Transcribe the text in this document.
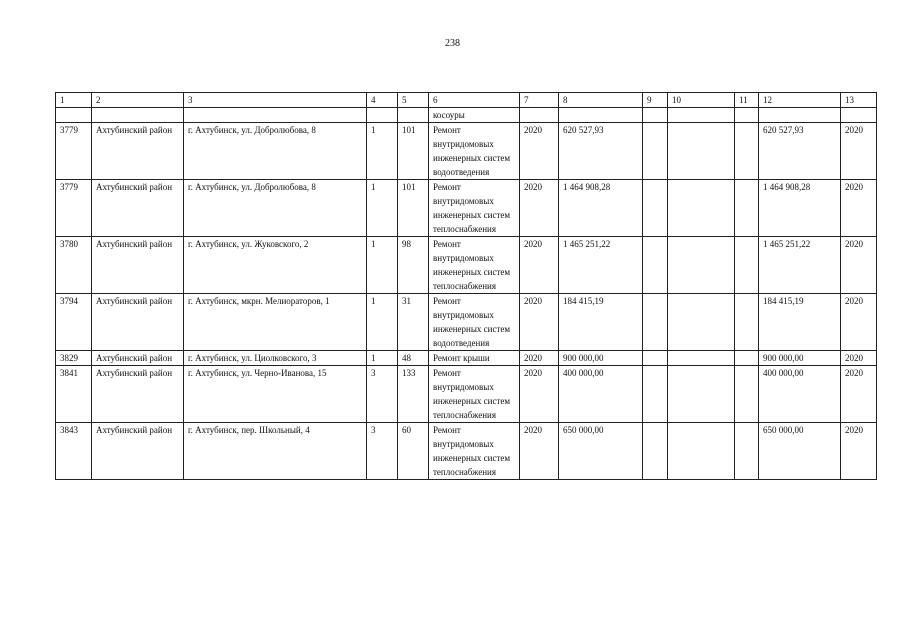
238
1	2	3	4	5	6	7	8	9	10	11	12	13
					косоуры							
3779	Ахтубинский район	г. Ахтубинск, ул. Добролюбова, 8	1	101	Ремонт внутридомовых инженерных систем водоотведения	2020	620 527,93				620 527,93	2020
3779	Ахтубинский район	г. Ахтубинск, ул. Добролюбова, 8	1	101	Ремонт внутридомовых инженерных систем теплоснабжения	2020	1 464 908,28				1 464 908,28	2020
3780	Ахтубинский район	г. Ахтубинск, ул. Жуковского, 2	1	98	Ремонт внутридомовых инженерных систем теплоснабжения	2020	1 465 251,22				1 465 251,22	2020
3794	Ахтубинский район	г. Ахтубинск, мкрн. Мелиораторов, 1	1	31	Ремонт внутридомовых инженерных систем водоотведения	2020	184 415,19				184 415,19	2020
3829	Ахтубинский район	г. Ахтубинск, ул. Циолковского, 3	1	48	Ремонт крыши	2020	900 000,00				900 000,00	2020
3841	Ахтубинский район	г. Ахтубинск, ул. Черно-Иванова, 15	3	133	Ремонт внутридомовых инженерных систем теплоснабжения	2020	400 000,00				400 000,00	2020
3843	Ахтубинский район	г. Ахтубинск, пер. Школьный, 4	3	60	Ремонт внутридомовых инженерных систем теплоснабжения	2020	650 000,00				650 000,00	2020
